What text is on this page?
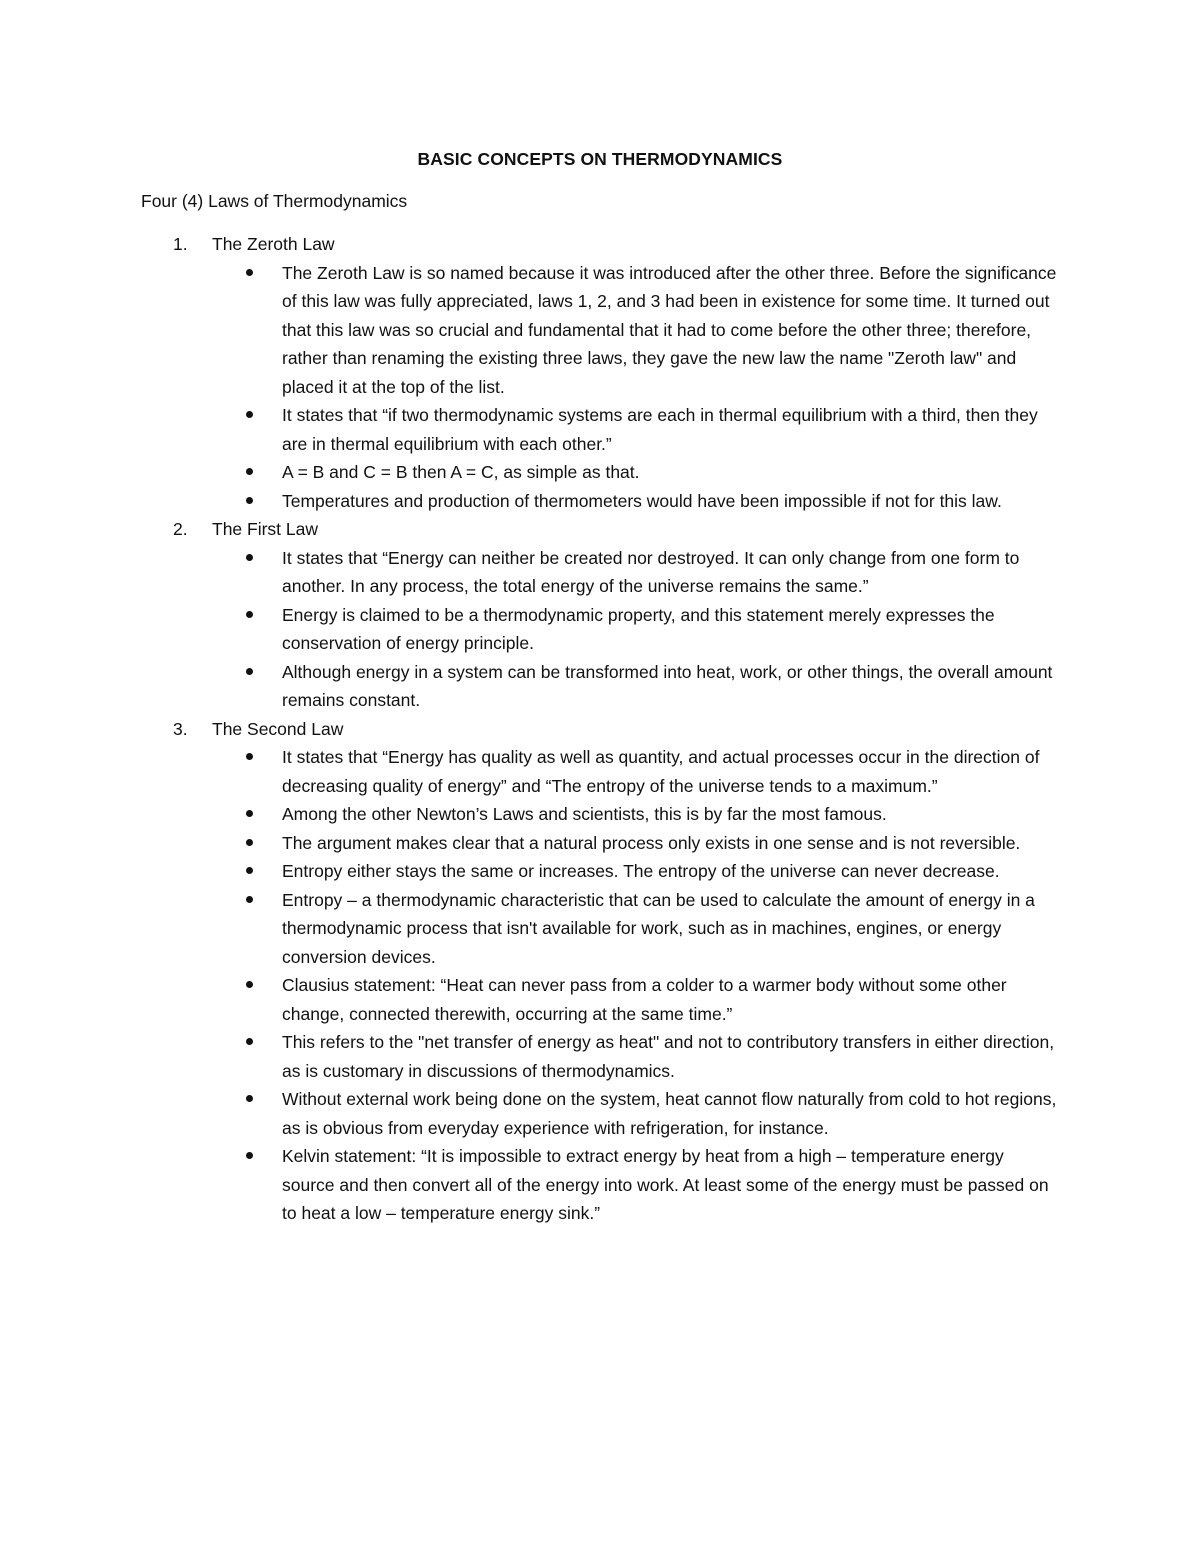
BASIC CONCEPTS ON THERMODYNAMICS
Four (4) Laws of Thermodynamics
1. The Zeroth Law
The Zeroth Law is so named because it was introduced after the other three. Before the significance of this law was fully appreciated, laws 1, 2, and 3 had been in existence for some time. It turned out that this law was so crucial and fundamental that it had to come before the other three; therefore, rather than renaming the existing three laws, they gave the new law the name "Zeroth law" and placed it at the top of the list.
It states that “if two thermodynamic systems are each in thermal equilibrium with a third, then they are in thermal equilibrium with each other.”
A = B and C = B then A = C, as simple as that.
Temperatures and production of thermometers would have been impossible if not for this law.
2. The First Law
It states that “Energy can neither be created nor destroyed. It can only change from one form to another. In any process, the total energy of the universe remains the same.”
Energy is claimed to be a thermodynamic property, and this statement merely expresses the conservation of energy principle.
Although energy in a system can be transformed into heat, work, or other things, the overall amount remains constant.
3. The Second Law
It states that “Energy has quality as well as quantity, and actual processes occur in the direction of decreasing quality of energy” and “The entropy of the universe tends to a maximum.”
Among the other Newton’s Laws and scientists, this is by far the most famous.
The argument makes clear that a natural process only exists in one sense and is not reversible.
Entropy either stays the same or increases. The entropy of the universe can never decrease.
Entropy – a thermodynamic characteristic that can be used to calculate the amount of energy in a thermodynamic process that isn't available for work, such as in machines, engines, or energy conversion devices.
Clausius statement: “Heat can never pass from a colder to a warmer body without some other change, connected therewith, occurring at the same time.”
This refers to the "net transfer of energy as heat" and not to contributory transfers in either direction, as is customary in discussions of thermodynamics.
Without external work being done on the system, heat cannot flow naturally from cold to hot regions, as is obvious from everyday experience with refrigeration, for instance.
Kelvin statement: “It is impossible to extract energy by heat from a high – temperature energy source and then convert all of the energy into work. At least some of the energy must be passed on to heat a low – temperature energy sink.”
